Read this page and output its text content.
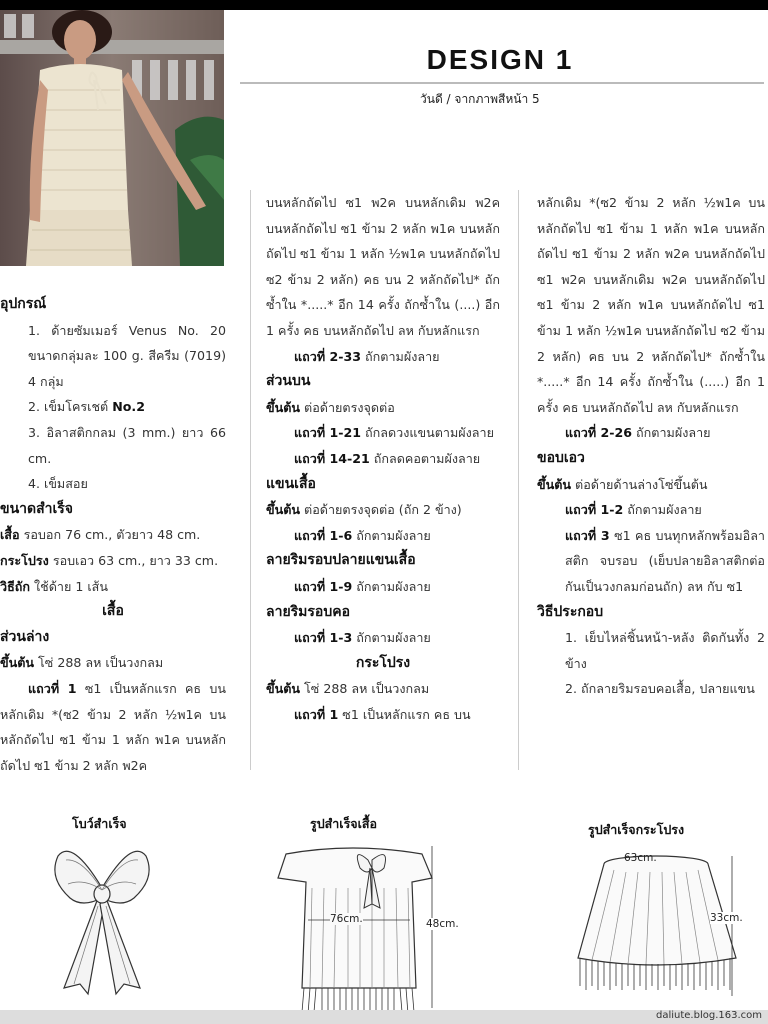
DESIGN 1
วันดี / จากภาพสีหน้า 5

อุปกรณ์

1. ด้ายซัมเมอร์ Venus No. 20 ขนาดกลุ่มละ 100 g. สีครีม (7019) 4 กลุ่ม

2. เข็มโครเชต์ No.2

3. อิลาสติกกลม (3 mm.) ยาว 66 cm.

4. เข็มสอย

ขนาดสำเร็จ

เสื้อ รอบอก 76 cm., ตัวยาว 48 cm.

กระโปรง รอบเอว 63 cm., ยาว 33 cm.

วิธีถัก ใช้ด้าย 1 เส้น

เสื้อ

ส่วนล่าง

ขึ้นต้น โซ่ 288 ลห เป็นวงกลม

แถวที่ 1 ซ1 เป็นหลักแรก คธ บนหลักเดิม *(ซ2 ข้าม 2 หลัก ½พ1ค บนหลักถัดไป ซ1 ข้าม 1 หลัก พ1ค บนหลักถัดไป ซ1 ข้าม 2 หลัก พ2ค

บนหลักถัดไป ซ1 พ2ค บนหลักเดิม พ2ค บนหลักถัดไป ซ1 ข้าม 2 หลัก พ1ค บนหลักถัดไป ซ1 ข้าม 1 หลัก ½พ1ค บนหลักถัดไป ซ2 ข้าม 2 หลัก) คธ บน 2 หลักถัดไป* ถักซ้ำใน *.....* อีก 14 ครั้ง ถักซ้ำใน (....) อีก 1 ครั้ง คธ บนหลักถัดไป ลห กับหลักแรก

แถวที่ 2-33 ถักตามผังลาย

ส่วนบน

ขึ้นต้น ต่อด้ายตรงจุดต่อ

แถวที่ 1-21 ถักลดวงแขนตามผังลาย

แถวที่ 14-21 ถักลดคอตามผังลาย

แขนเสื้อ

ขึ้นต้น ต่อด้ายตรงจุดต่อ (ถัก 2 ข้าง)

แถวที่ 1-6 ถักตามผังลาย

ลายริมรอบปลายแขนเสื้อ

แถวที่ 1-9 ถักตามผังลาย

ลายริมรอบคอ

แถวที่ 1-3 ถักตามผังลาย

กระโปรง

ขึ้นต้น โซ่ 288 ลห เป็นวงกลม

แถวที่ 1 ซ1 เป็นหลักแรก คธ บน

หลักเดิม *(ซ2 ข้าม 2 หลัก ½พ1ค บนหลักถัดไป ซ1 ข้าม 1 หลัก พ1ค บนหลักถัดไป ซ1 ข้าม 2 หลัก พ2ค บนหลักถัดไป ซ1 พ2ค บนหลักเดิม พ2ค บนหลักถัดไป ซ1 ข้าม 2 หลัก พ1ค บนหลักถัดไป ซ1 ข้าม 1 หลัก ½พ1ค บนหลักถัดไป ซ2 ข้าม 2 หลัก) คธ บน 2 หลักถัดไป* ถักซ้ำใน *.....* อีก 14 ครั้ง ถักซ้ำใน (.....) อีก 1 ครั้ง คธ บนหลักถัดไป ลห กับหลักแรก

แถวที่ 2-26 ถักตามผังลาย

ขอบเอว

ขึ้นต้น ต่อด้ายด้านล่างโซ่ขึ้นต้น

แถวที่ 1-2 ถักตามผังลาย

แถวที่ 3 ซ1 คธ บนทุกหลักพร้อมอิลาสติก จบรอบ (เย็บปลายอิลาสติกต่อกันเป็นวงกลมก่อนถัก) ลห กับ ซ1

วิธีประกอบ

1. เย็บไหล่ชิ้นหน้า-หลัง ติดกันทั้ง 2 ข้าง

2. ถักลายริมรอบคอเสื้อ, ปลายแขน

โบว์สำเร็จ	รูปสำเร็จเสื้อ	รูปสำเร็จกระโปรง
76cm.	48cm.
63cm.
33cm.
daliute.blog.163.com
